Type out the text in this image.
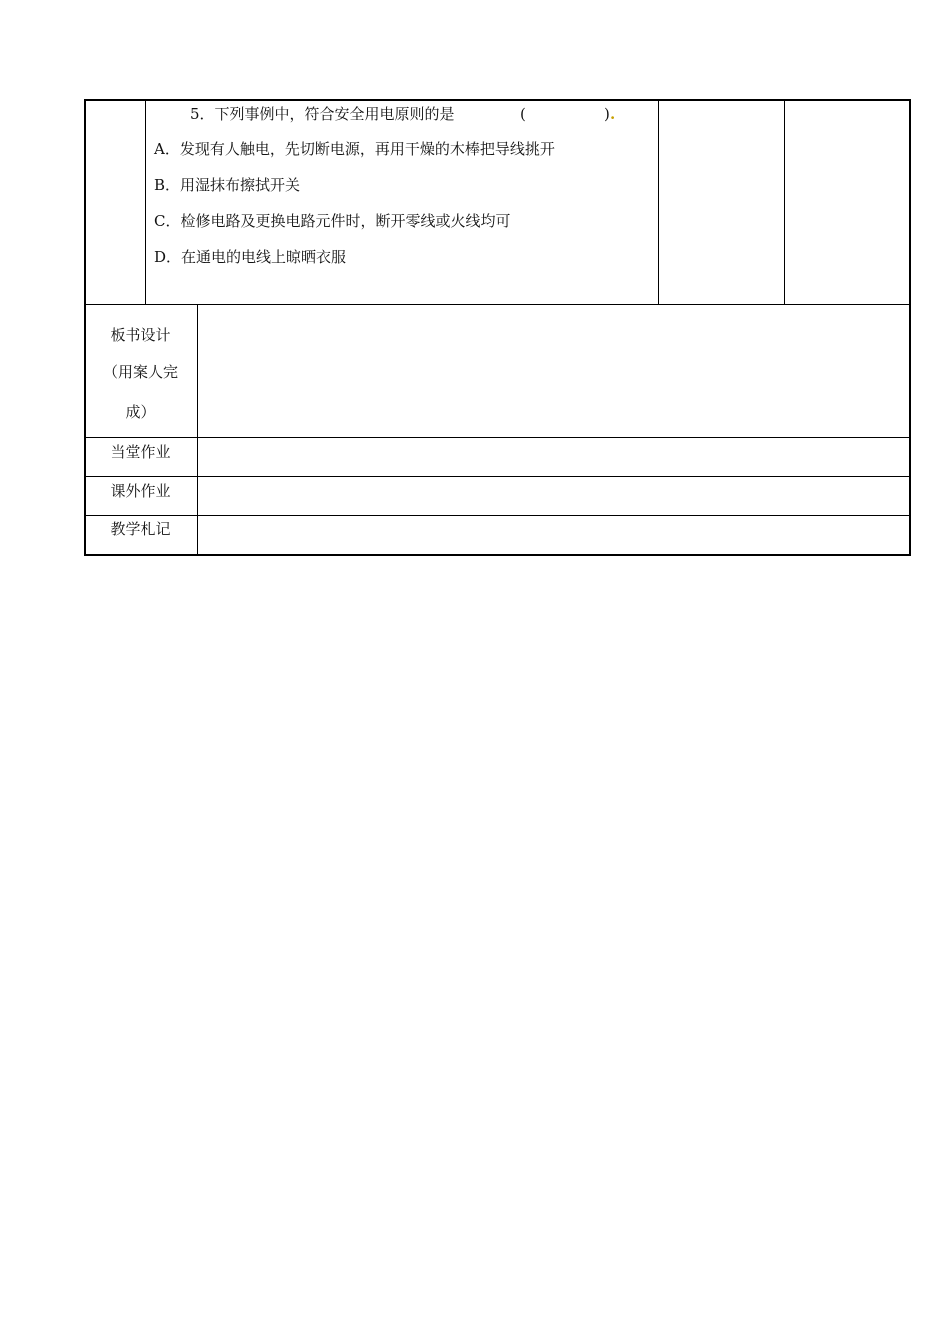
5．下列事例中，符合安全用电原则的是	(	) .
A．发现有人触电，先切断电源，再用干燥的木棒把导线挑开
B．用湿抹布擦拭开关
C．检修电路及更换电路元件时，断开零线或火线均可
D．在通电的电线上晾晒衣服
板书设计
（用案人完
成）
当堂作业
课外作业
教学札记
